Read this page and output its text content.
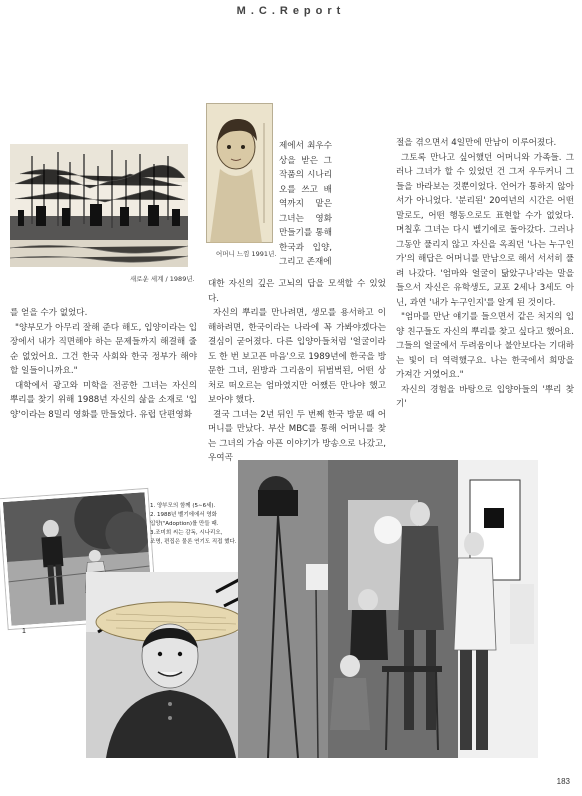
M.C.Report
새로운 세계 / 1989년.
어머니 느낌 1991년.
제에서 최우수상을 받은 그 작품의 시나리오를 쓰고 배역까지 맡은 그녀는 영화 만들기를 통해 한국과 입양, 그리고 존재에

를 얻을 수가 없었다.

"양부모가 아무리 잘해 준다 해도, 입양이라는 입장에서 내가 직면해야 하는 문제들까지 해결해 줄 순 없었어요. 그건 한국 사회와 한국 정부가 해야 할 일들이니까요."

대학에서 광고와 미학을 전공한 그녀는 자신의 뿌리를 찾기 위해 1988년 자신의 삶을 소재로 '입양'이라는 8밀리 영화를 만들었다. 유럽 단편영화

대한 자신의 깊은 고뇌의 답을 모색할 수 있었다.

자신의 뿌리를 만나려면, 생모를 용서하고 이해하려면, 한국이라는 나라에 꼭 가봐야겠다는 결심이 굳어졌다. 다른 입양아들처럼 '얼굴이라도 한 번 보고픈 마음'으로 1989년에 한국을 방문한 그녀, 윈방과 그리움이 뒤범벅된, 어떤 상처로 떠오르는 엄마였지만 어쨌든 만나야 했고 보아야 했다.

결국 그녀는 2년 뒤인 두 번째 한국 방문 때 어머니를 만났다. 부산 MBC를 통해 어머니를 찾는 그녀의 가슴 아픈 이야기가 방송으로 나갔고, 우여곡

절을 겪으면서 4일만에 만남이 이루어졌다.

그토록 만나고 싶어했던 어머니와 가족들. 그러나 그녀가 할 수 있었던 건 그저 우두커니 그들을 바라보는 것뿐이었다. 언어가 통하지 않아서가 아니었다. '분리된' 20여년의 시간은 어떤 말로도, 어떤 행동으로도 표현할 수가 없었다. 며칠후 그녀는 다시 벨기에로 돌아갔다. 그러나 그동안 풀리지 않고 자신을 옥죄던 '나는 누구인가'의 해답은 어머니를 만남으로 해서 서서히 풀려 나갔다. '엄마와 얼굴이 닮았구나'라는 말을 들으서 자신은 유학생도, 교포 2세나 3세도 아닌, 과연 '내가 누구인지'를 알게 된 것이다.

"엄마를 만난 얘기를 들으면서 같은 처지의 입양 친구들도 자신의 뿌리를 찾고 싶다고 했어요. 그들의 얼굴에서 두려움이나 불안보다는 기대하는 빛이 더 역력했구요. 나는 한국에서 희망을 가져간 거였어요."

자신의 경험을 바탕으로 입양아들의 '뿌리 찾기'

1
1. 양부모의 함께 (5∼6세).
2. 1988년 벨기에에서 영화
입양("Adoption)를 만들 때.
3.조미희 씨는 감독, 시나리오,
조명, 편집은 물론 연기도 직접 했다.
183
